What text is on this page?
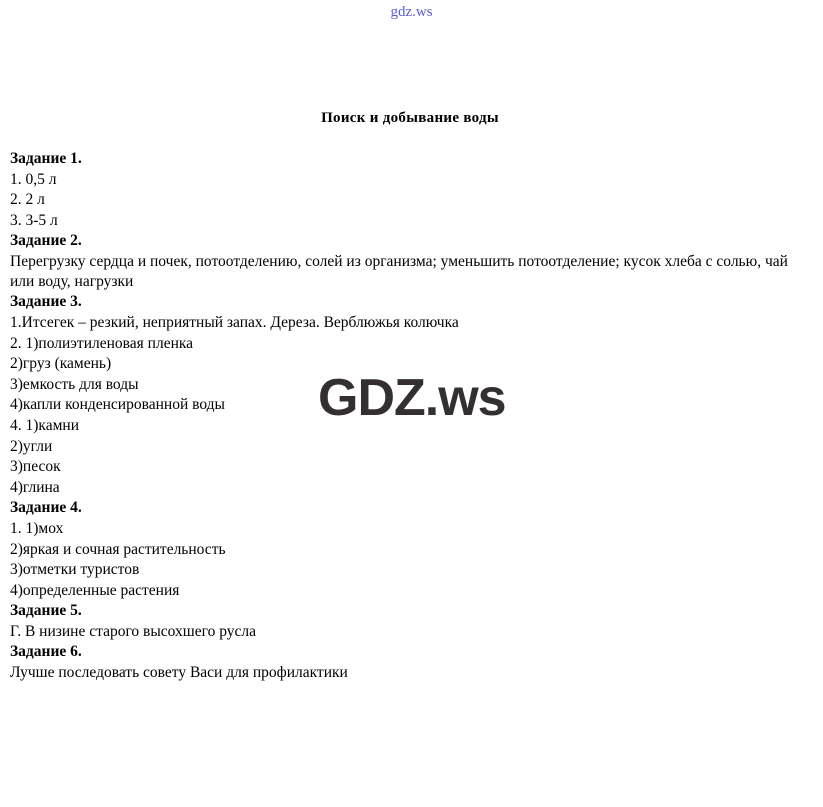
gdz.ws
Поиск и добывание воды
Задание 1.
1. 0,5 л
2. 2 л
3. 3-5 л
Задание 2.
Перегрузку сердца и почек, потоотделению, солей из организма; уменьшить потоотделение; кусок хлеба с солью, чай или воду, нагрузки
Задание 3.
1.Итсегек – резкий, неприятный запах. Дереза. Верблюжья колючка
2. 1)полиэтиленовая пленка
2)груз (камень)
3)емкость для воды
4)капли конденсированной воды
4. 1)камни
2)угли
3)песок
4)глина
Задание 4.
1. 1)мох
2)яркая и сочная растительность
3)отметки туристов
4)определенные растения
Задание 5.
Г. В низине старого высохшего русла
Задание 6.
Лучше последовать совету Васи для профилактики
GDZ.ws
